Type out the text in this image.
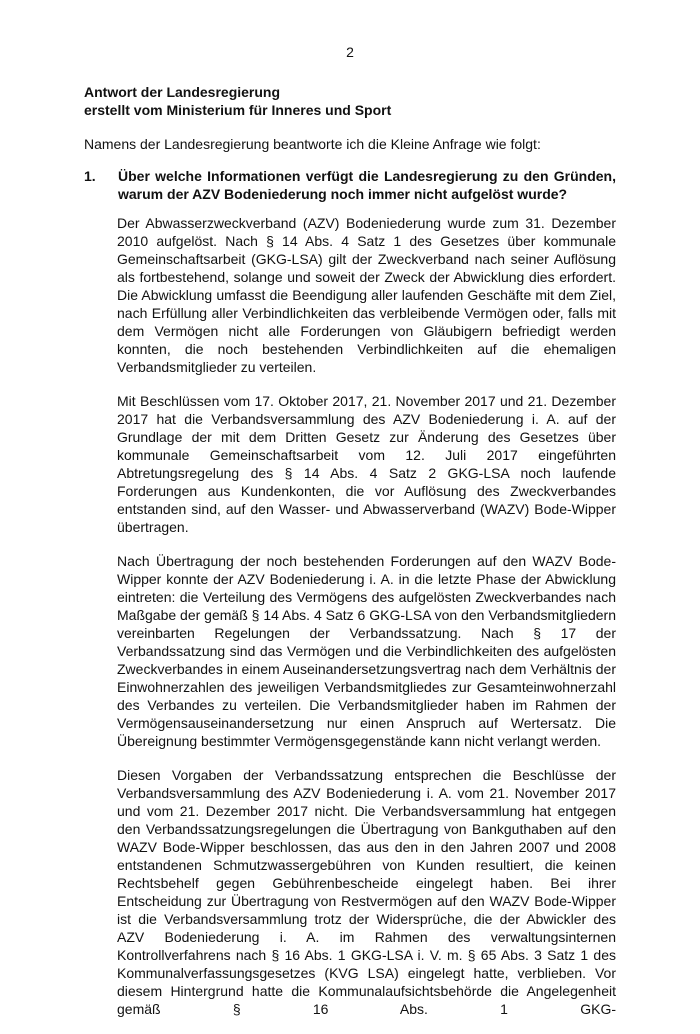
2
Antwort der Landesregierung
erstellt vom Ministerium für Inneres und Sport
Namens der Landesregierung beantworte ich die Kleine Anfrage wie folgt:
1. Über welche Informationen verfügt die Landesregierung zu den Gründen, warum der AZV Bodeniederung noch immer nicht aufgelöst wurde?

Der Abwasserzweckverband (AZV) Bodeniederung wurde zum 31. Dezember 2010 aufgelöst. Nach § 14 Abs. 4 Satz 1 des Gesetzes über kommunale Gemeinschaftsarbeit (GKG-LSA) gilt der Zweckverband nach seiner Auflösung als fortbestehend, solange und soweit der Zweck der Abwicklung dies erfordert. Die Abwicklung umfasst die Beendigung aller laufenden Geschäfte mit dem Ziel, nach Erfüllung aller Verbindlichkeiten das verbleibende Vermögen oder, falls mit dem Vermögen nicht alle Forderungen von Gläubigern befriedigt werden konnten, die noch bestehenden Verbindlichkeiten auf die ehemaligen Verbandsmitglieder zu verteilen.

Mit Beschlüssen vom 17. Oktober 2017, 21. November 2017 und 21. Dezember 2017 hat die Verbandsversammlung des AZV Bodeniederung i. A. auf der Grundlage der mit dem Dritten Gesetz zur Änderung des Gesetzes über kommunale Gemeinschaftsarbeit vom 12. Juli 2017 eingeführten Abtretungsregelung des § 14 Abs. 4 Satz 2 GKG-LSA noch laufende Forderungen aus Kundenkonten, die vor Auflösung des Zweckverbandes entstanden sind, auf den Wasser- und Abwasserverband (WAZV) Bode-Wipper übertragen.

Nach Übertragung der noch bestehenden Forderungen auf den WAZV Bode-Wipper konnte der AZV Bodeniederung i. A. in die letzte Phase der Abwicklung eintreten: die Verteilung des Vermögens des aufgelösten Zweckverbandes nach Maßgabe der gemäß § 14 Abs. 4 Satz 6 GKG-LSA von den Verbandsmitgliedern vereinbarten Regelungen der Verbandssatzung. Nach § 17 der Verbandssatzung sind das Vermögen und die Verbindlichkeiten des aufgelösten Zweckverbandes in einem Auseinandersetzungsvertrag nach dem Verhältnis der Einwohnerzahlen des jeweiligen Verbandsmitgliedes zur Gesamteinwohnerzahl des Verbandes zu verteilen. Die Verbandsmitglieder haben im Rahmen der Vermögensauseinandersetzung nur einen Anspruch auf Wertersatz. Die Übereignung bestimmter Vermögensgegenstände kann nicht verlangt werden.

Diesen Vorgaben der Verbandssatzung entsprechen die Beschlüsse der Verbandsversammlung des AZV Bodeniederung i. A. vom 21. November 2017 und vom 21. Dezember 2017 nicht. Die Verbandsversammlung hat entgegen den Verbandssatzungsregelungen die Übertragung von Bankguthaben auf den WAZV Bode-Wipper beschlossen, das aus den in den Jahren 2007 und 2008 entstandenen Schmutzwassergebühren von Kunden resultiert, die keinen Rechtsbehelf gegen Gebührenbescheide eingelegt haben. Bei ihrer Entscheidung zur Übertragung von Restvermögen auf den WAZV Bode-Wipper ist die Verbandsversammlung trotz der Widersprüche, die der Abwickler des AZV Bodeniederung i. A. im Rahmen des verwaltungsinternen Kontrollverfahrens nach § 16 Abs. 1 GKG-LSA i. V. m. § 65 Abs. 3 Satz 1 des Kommunalverfassungsgesetzes (KVG LSA) eingelegt hatte, verblieben. Vor diesem Hintergrund hatte die Kommunalaufsichtsbehörde die Angelegenheit gemäß § 16 Abs. 1 GKG-
